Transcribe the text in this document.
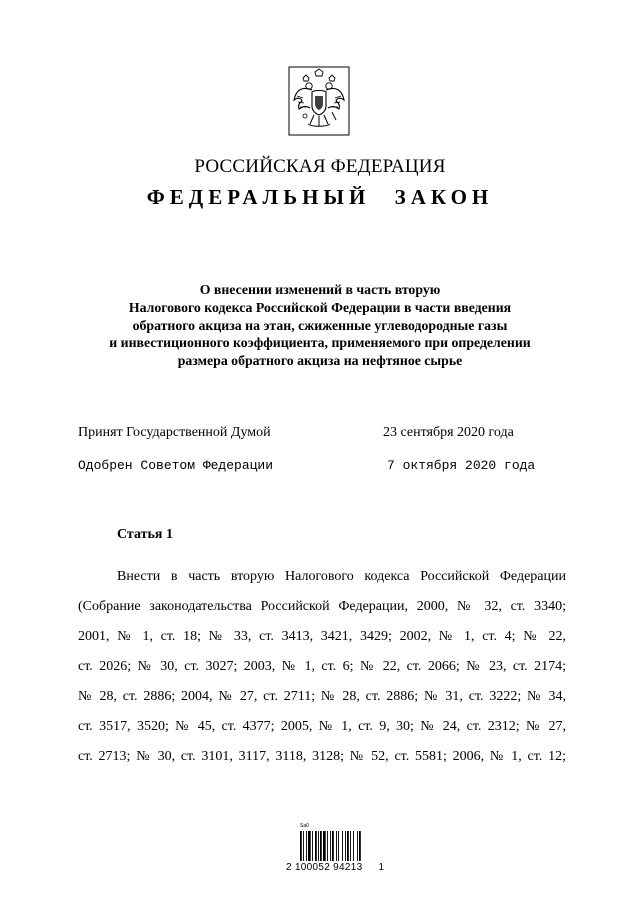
РОССИЙСКАЯ ФЕДЕРАЦИЯ
ФЕДЕРАЛЬНЫЙ ЗАКОН
О внесении изменений в часть вторую
Налогового кодекса Российской Федерации в части введения
обратного акциза на этан, сжиженные углеводородные газы
и инвестиционного коэффициента, применяемого при определении
размера обратного акциза на нефтяное сырье
Принят Государственной Думой	23 сентября 2020 года
Одобрен Советом Федерации	7 октября 2020 года
Статья 1
Внести в часть вторую Налогового кодекса Российской Федерации
(Собрание законодательства Российской Федерации, 2000, № 32, ст. 3340;
2001, № 1, ст. 18; № 33, ст. 3413, 3421, 3429; 2002, № 1, ст. 4; № 22,
ст. 2026; № 30, ст. 3027; 2003, № 1, ст. 6; № 22, ст. 2066; № 23, ст. 2174;
№ 28, ст. 2886; 2004, № 27, ст. 2711; № 28, ст. 2886; № 31, ст. 3222; № 34,
ст. 3517, 3520; № 45, ст. 4377; 2005, № 1, ст. 9, 30; № 24, ст. 2312; № 27,
ст. 2713; № 30, ст. 3101, 3117, 3118, 3128; № 52, ст. 5581; 2006, № 1, ст. 12;
Sa0
2 100052 94213 1
